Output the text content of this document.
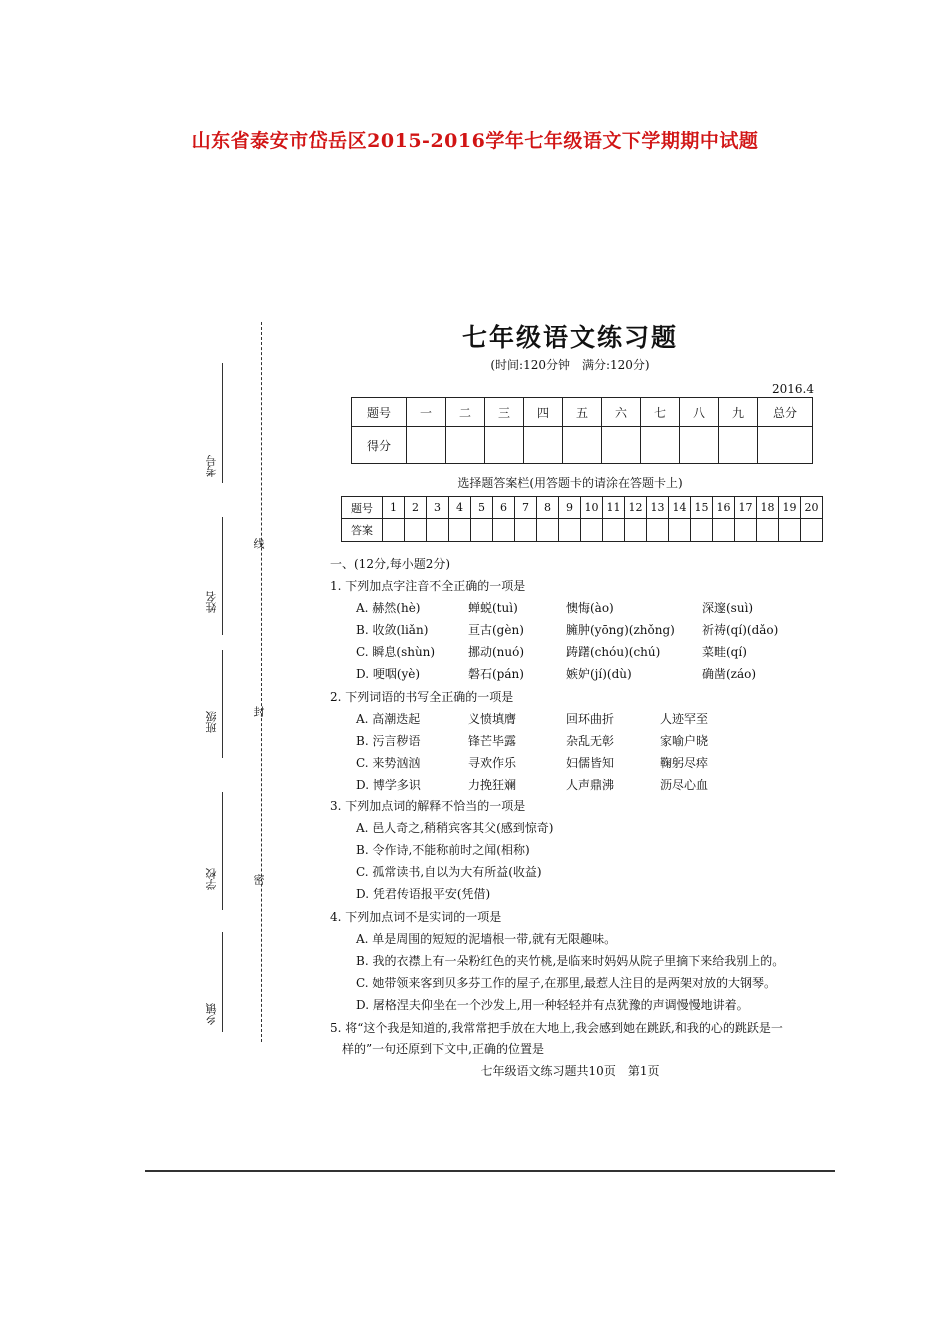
山东省泰安市岱岳区2015-2016学年七年级语文下学期期中试题
考号
姓名
班级
学校
乡镇
线
封
密
七年级语文练习题
(时间:120分钟　满分:120分)
2016.4
题号	一	二	三	四	五	六	七	八	九	总分
得分										
选择题答案栏(用答题卡的请涂在答题卡上)
题号	1	2	3	4	5	6	7	8	9	10	11	12	13	14	15	16	17	18	19	20
答案																				
一、(12分,每小题2分)
1. 下列加点字注音不全正确的一项是
A. 赫然(hè)	蝉蜕(tuì)	懊悔(ào)	深邃(suì)
B. 收敛(liǎn)	亘古(gèn)	臃肿(yōng)(zhǒng) 祈祷(qí)(dǎo)
C. 瞬息(shùn)	挪动(nuó)	踌躇(chóu)(chú)	菜畦(qí)
D. 哽咽(yè)	磐石(pán)	嫉妒(jí)(dù)	确凿(záo)
2. 下列词语的书写全正确的一项是
A. 高潮迭起	义愤填膺	回环曲折	人迹罕至
B. 污言秽语	锋芒毕露	杂乱无彰	家喻户晓
C. 来势汹汹	寻欢作乐	妇儒皆知	鞠躬尽瘁
D. 博学多识	力挽狂斓	人声鼎沸	沥尽心血
3. 下列加点词的解释不恰当的一项是
A. 邑人奇之,稍稍宾客其父(感到惊奇)
B. 令作诗,不能称前时之闻(相称)
C. 孤常读书,自以为大有所益(收益)
D. 凭君传语报平安(凭借)
4. 下列加点词不是实词的一项是
A. 单是周围的短短的泥墙根一带,就有无限趣味。
B. 我的衣襟上有一朵粉红色的夹竹桃,是临来时妈妈从院子里摘下来给我别上的。
C. 她带领来客到贝多芬工作的屋子,在那里,最惹人注目的是两架对放的大钢琴。
D. 屠格涅夫仰坐在一个沙发上,用一种轻轻并有点犹豫的声调慢慢地讲着。
5. 将“这个我是知道的,我常常把手放在大地上,我会感到她在跳跃,和我的心的跳跃是一
样的”一句还原到下文中,正确的位置是
七年级语文练习题共10页　第1页
